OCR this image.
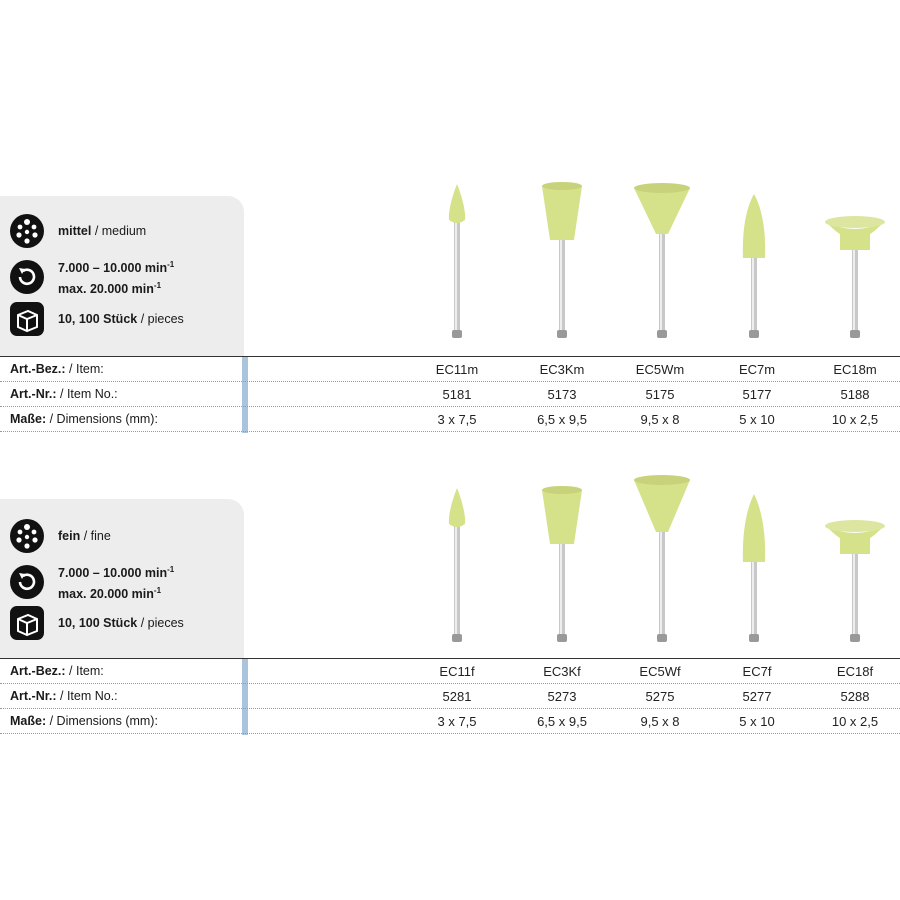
mittel / medium
7.000 – 10.000 $\min^{-1}$
max. 20.000 $\min^{-1}$
10, 100 Stück / pieces
Art.-Bez.: / Item:	EC11m	EC3Km	EC5Wm	EC7m	EC18m
Art.-Nr.: / Item No.:	5181	5173	5175	5177	5188
Maße: / Dimensions (mm):	3 x 7,5	6,5 x 9,5	9,5 x 8	5 x 10	10 x 2,5
fein / fine
7.000 – 10.000 $\min^{-1}$
max. 20.000 $\min^{-1}$
10, 100 Stück / pieces
Art.-Bez.: / Item:	EC11f	EC3Kf	EC5Wf	EC7f	EC18f
Art.-Nr.: / Item No.:	5281	5273	5275	5277	5288
Maße: / Dimensions (mm):	3 x 7,5	6,5 x 9,5	9,5 x 8	5 x 10	10 x 2,5
